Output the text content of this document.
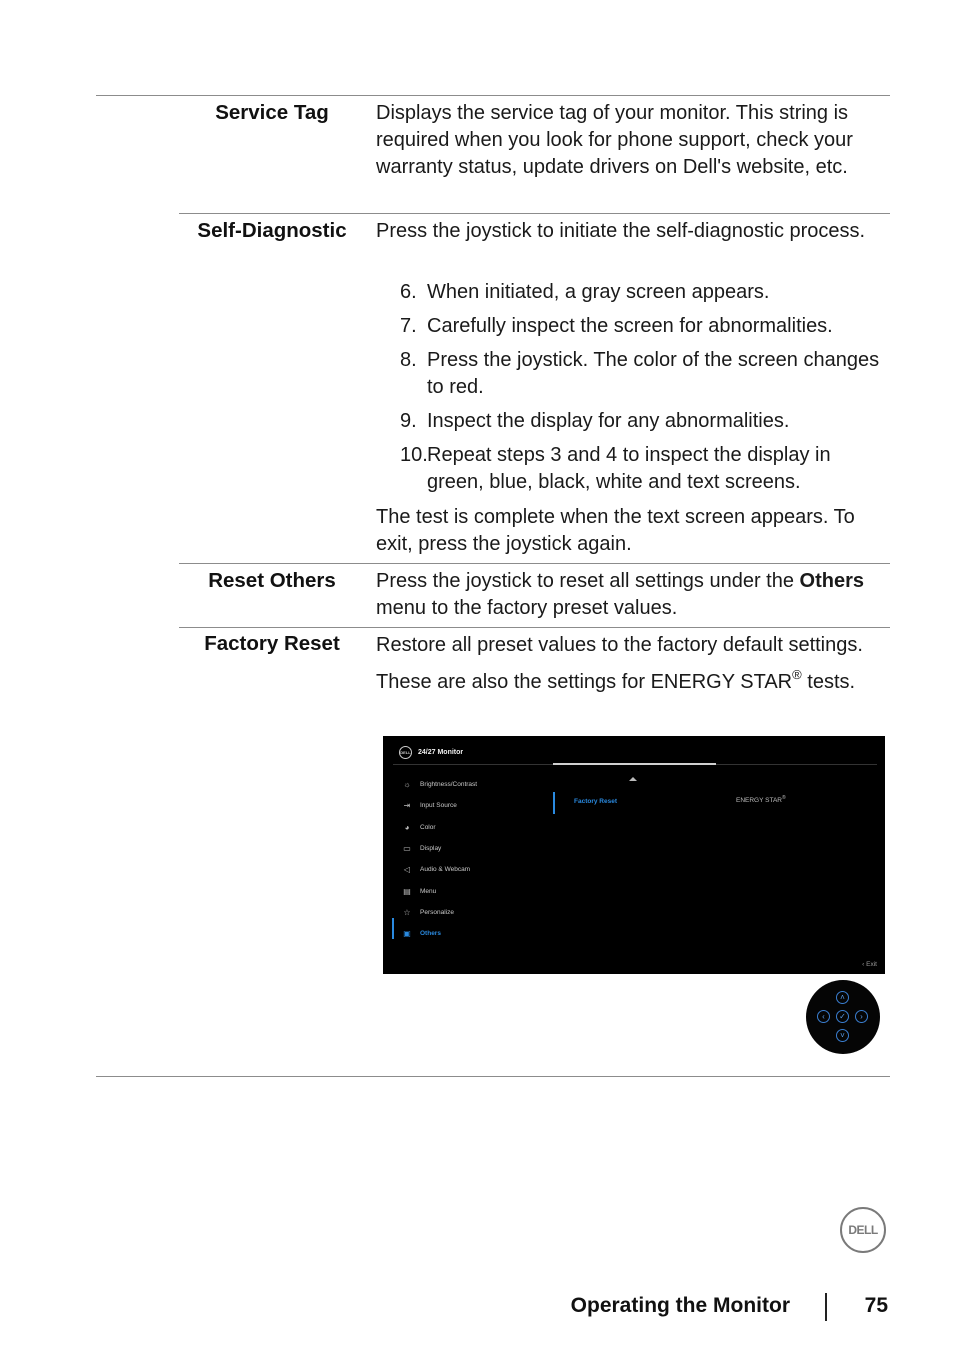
Service Tag	Displays the service tag of your monitor. This string is required when you look for phone support, check your warranty status, update drivers on Dell's website, etc.
Self-Diagnostic	Press the joystick to initiate the self-diagnostic process.
6. When initiated, a gray screen appears.
7. Carefully inspect the screen for abnormalities.
8. Press the joystick. The color of the screen changes to red.
9. Inspect the display for any abnormalities.
10. Repeat steps 3 and 4 to inspect the display in green, blue, black, white and text screens.
The test is complete when the text screen appears. To exit, press the joystick again.
Reset Others	Press the joystick to reset all settings under the Others menu to the factory preset values.
Factory Reset	Restore all preset values to the factory default settings. These are also the settings for ENERGY STAR® tests.
DELL 24/27 Monitor
☼ Brightness/Contrast
⇥ Input Source
◕	Color
▭ Display
◁ Audio & Webcam
▤ Menu
☆ Personalize
▣ Others
Factory Reset	ENERGY STAR®
‹ Exit
˄
‹	✓	›
˅
DELL
Operating the Monitor	75
